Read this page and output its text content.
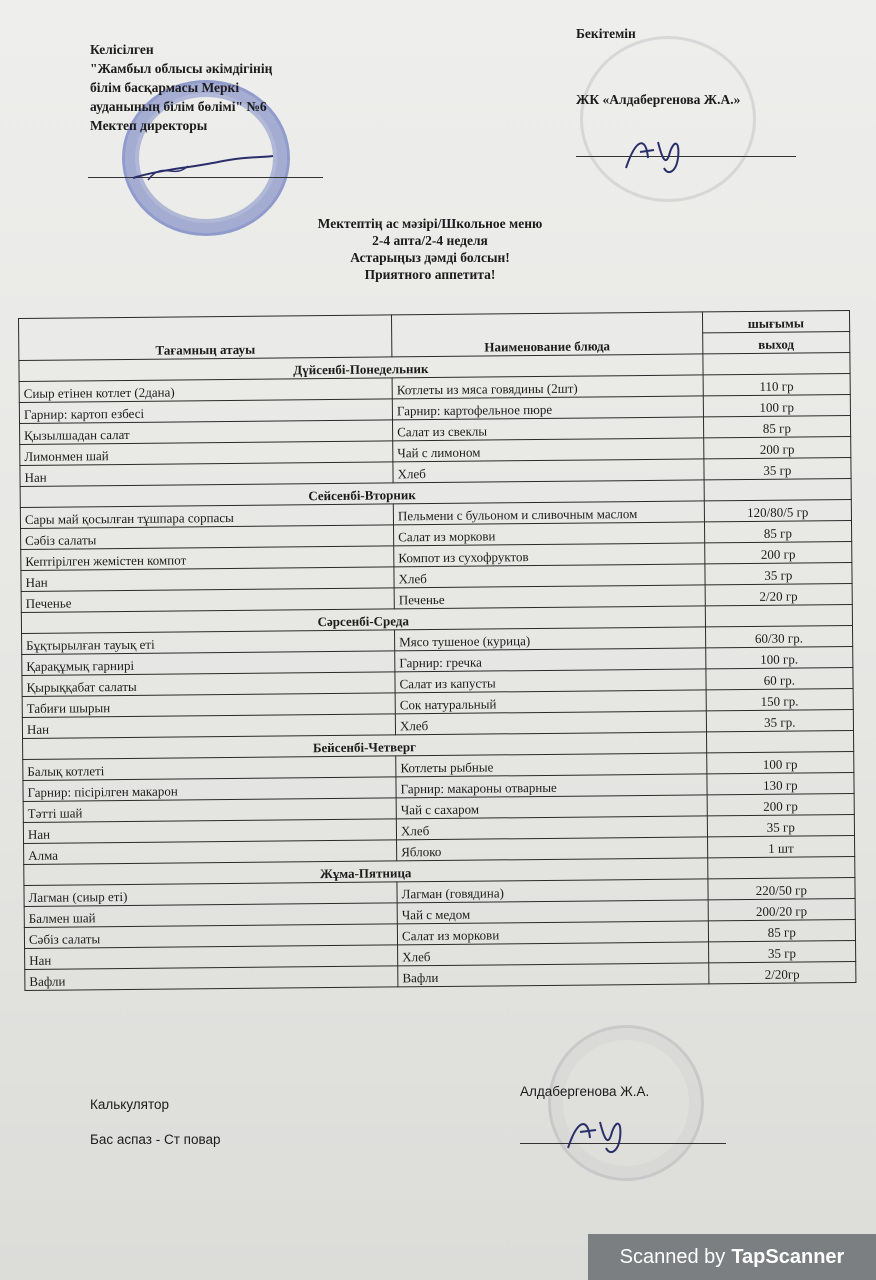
Келісілген
"Жамбыл облысы әкімдігінің
білім басқармасы Меркі
ауданының білім бөлімі" №6
Мектеп директоры
Бекітемін
ЖК «Алдабергенова Ж.А.»
Мектептің ас мәзірі/Школьное меню
2-4 апта/2-4 неделя
Астарыңыз дәмді болсын!
Приятного аппетита!
Тағамның атауы	Наименование блюда	шығымы
		выход
Дүйсенбі-Понедельник		
Сиыр етінен котлет (2дана)	Котлеты из мяса говядины (2шт)	110 гр
Гарнир: картоп езбесі	Гарнир: картофельное пюре	100 гр
Қызылшадан салат	Салат из свеклы	85 гр
Лимонмен шай	Чай с лимоном	200 гр
Нан	Хлеб	35 гр
Сейсенбі-Вторник		
Сары май қосылған тұшпара сорпасы	Пельмени с бульоном и сливочным маслом	120/80/5 гр
Сәбіз салаты	Салат из моркови	85 гр
Кептірілген жемістен компот	Компот из сухофруктов	200 гр
Нан	Хлеб	35 гр
Печенье	Печенье	2/20 гр
Сәрсенбі-Среда		
Бұқтырылған тауық еті	Мясо тушеное (курица)	60/30 гр.
Қарақұмық гарнирі	Гарнир: гречка	100 гр.
Қырыққабат салаты	Салат из капусты	60 гр.
Табиғи шырын	Сок натуральный	150 гр.
Нан	Хлеб	35 гр.
Бейсенбі-Четверг		
Балық котлеті	Котлеты рыбные	100 гр
Гарнир: пісірілген макарон	Гарнир: макароны отварные	130 гр
Тәтті шай	Чай с сахаром	200 гр
Нан	Хлеб	35 гр
Алма	Яблоко	1 шт
Жұма-Пятница		
Лагман (сиыр еті)	Лагман (говядина)	220/50 гр
Балмен шай	Чай с медом	200/20 гр
Сәбіз салаты	Салат из моркови	85 гр
Нан	Хлеб	35 гр
Вафли	Вафли	2/20гр
Калькулятор
Бас аспаз - Ст повар
Алдабергенова Ж.А.
Scanned by TapScanner
